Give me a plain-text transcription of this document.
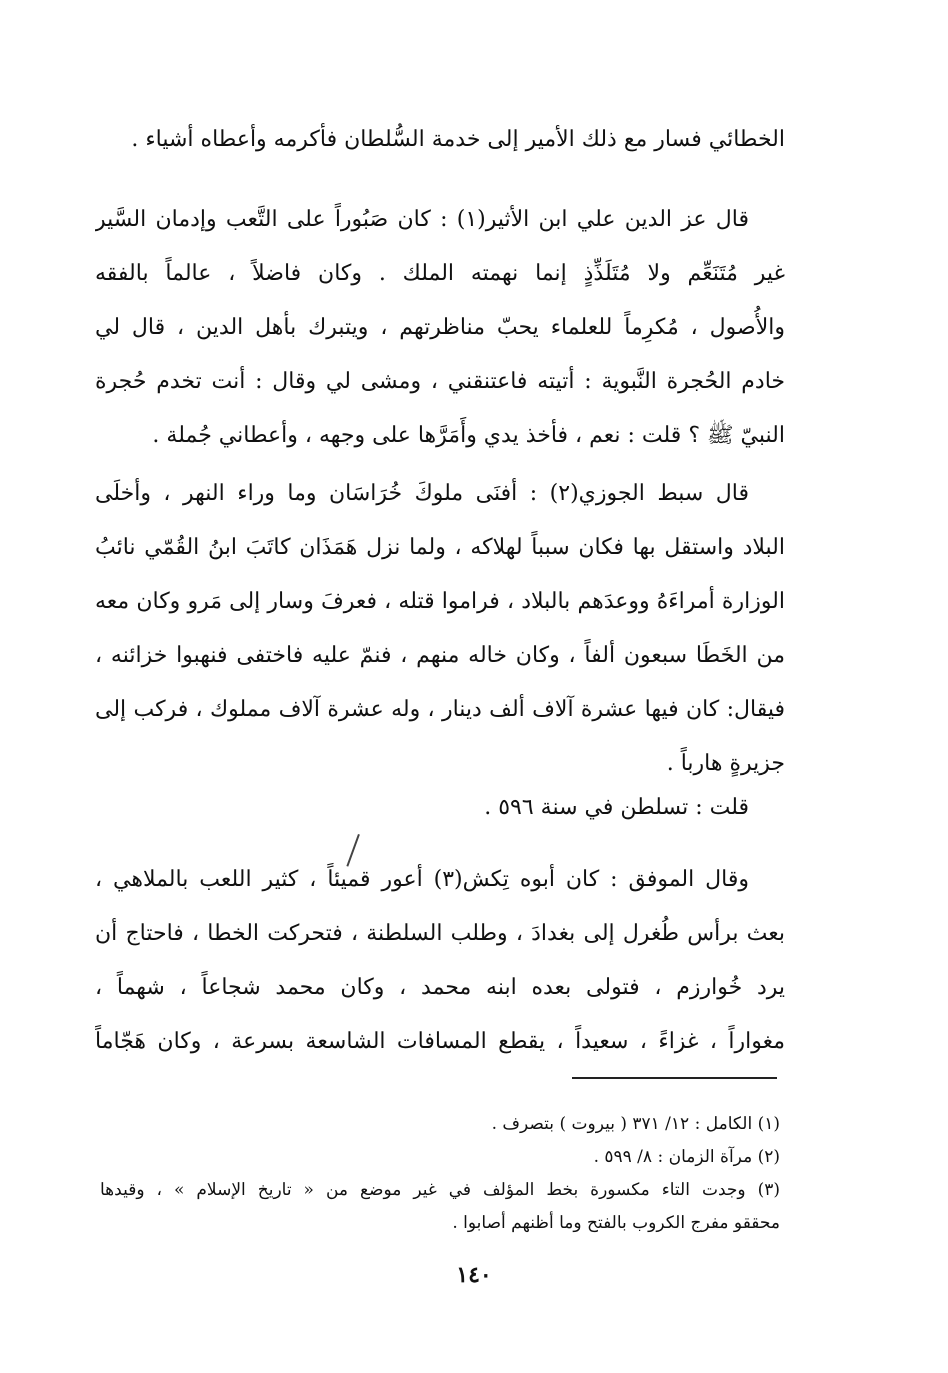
الخطائي فسار مع ذلك الأمير إلى خدمة السُّلطان فأكرمه وأعطاه أشياء .
قال عز الدين علي ابن الأثير(١) : كان صَبُوراً على التَّعب وإدمان السَّير
غير مُتَنَعِّم ولا مُتَلَذِّذٍ إنما نهمته الملك . وكان فاضلاً ، عالماً بالفقه
والأُصول ، مُكرِماً للعلماء يحبّ مناظرتهم ، ويتبرك بأهل الدين ، قال لي
خادم الحُجرة النَّبوية : أتيته فاعتنقني ، ومشى لي وقال : أنت تخدم حُجرة
النبيّ ﷺ ؟ قلت : نعم ، فأخذ يدي وأَمَرَّها على وجهه ، وأعطاني جُملة .
قال سبط الجوزي(٢) : أفنَى ملوكَ خُرَاسَان وما وراء النهر ، وأخلَى
البلاد واستقل بها فكان سبباً لهلاكه ، ولما نزل هَمَذَان كاتَبَ ابنُ القُمّي نائبُ
الوزارة أمراءَهُ ووعدَهم بالبلاد ، فراموا قتله ، فعرفَ وسار إلى مَرو وكان معه
من الخَطَا سبعون ألفاً ، وكان خاله منهم ، فنمّ عليه فاختفى فنهبوا خزائنه ،
فيقال: كان فيها عشرة آلاف ألف دينار ، وله عشرة آلاف مملوك ، فركب إلى
جزيرةٍ هارباً .
قلت : تسلطن في سنة ٥٩٦ .
وقال الموفق : كان أبوه تِكش(٣) أعور قميئاً ، كثير اللعب بالملاهي ،
بعث برأس طُغرل إلى بغدادَ ، وطلب السلطنة ، فتحركت الخطا ، فاحتاج أن
يرد خُوارزم ، فتولى بعده ابنه محمد ، وكان محمد شجاعاً ، شهماً ،
مغواراً ، غزاءً ، سعيداً ، يقطع المسافات الشاسعة بسرعة ، وكان هَجّاماً
(١) الكامل : ١٢/ ٣٧١ ( بيروت ) بتصرف .
(٢) مرآة الزمان : ٨/ ٥٩٩ .
(٣) وجدت التاء مكسورة بخط المؤلف في غير موضع من « تاريخ الإسلام » ، وقيدها
محققو مفرج الكروب بالفتح وما أظنهم أصابوا .
١٤٠
